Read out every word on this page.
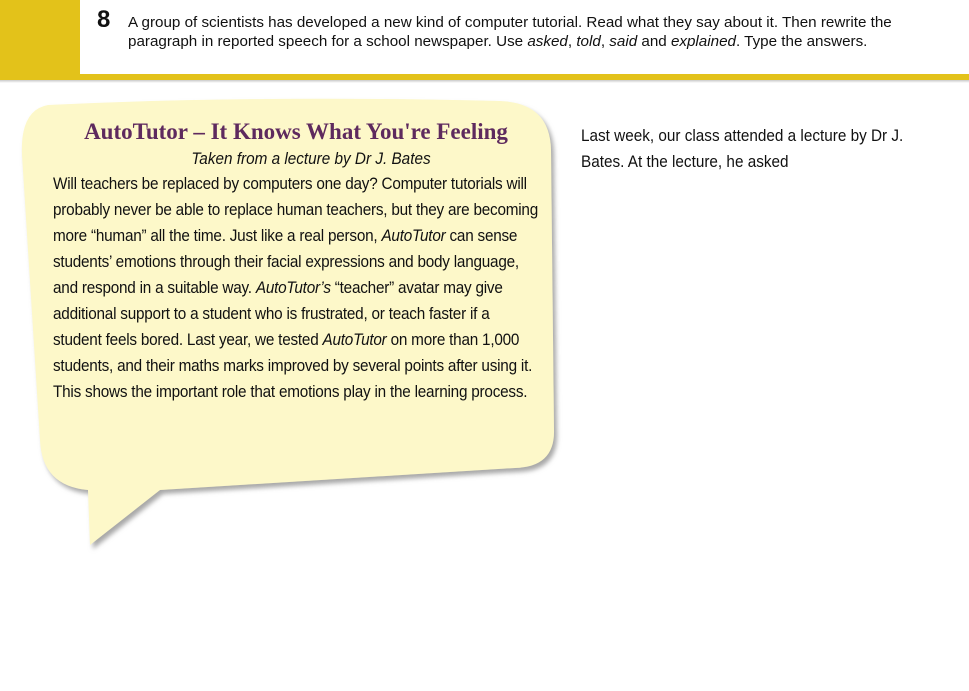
8 A group of scientists has developed a new kind of computer tutorial. Read what they say about it. Then rewrite the paragraph in reported speech for a school newspaper. Use asked, told, said and explained. Type the answers.

AutoTutor – It Knows What You're Feeling
Taken from a lecture by Dr J. Bates

Will teachers be replaced by computers one day? Computer tutorials will probably never be able to replace human teachers, but they are becoming more “human” all the time. Just like a real person, AutoTutor can sense students’ emotions through their facial expressions and body language, and respond in a suitable way. AutoTutor’s “teacher” avatar may give additional support to a student who is frustrated, or teach faster if a student feels bored. Last year, we tested AutoTutor on more than 1,000 students, and their maths marks improved by several points after using it. This shows the important role that emotions play in the learning process.

Last week, our class attended a lecture by Dr J. Bates. At the lecture, he asked
